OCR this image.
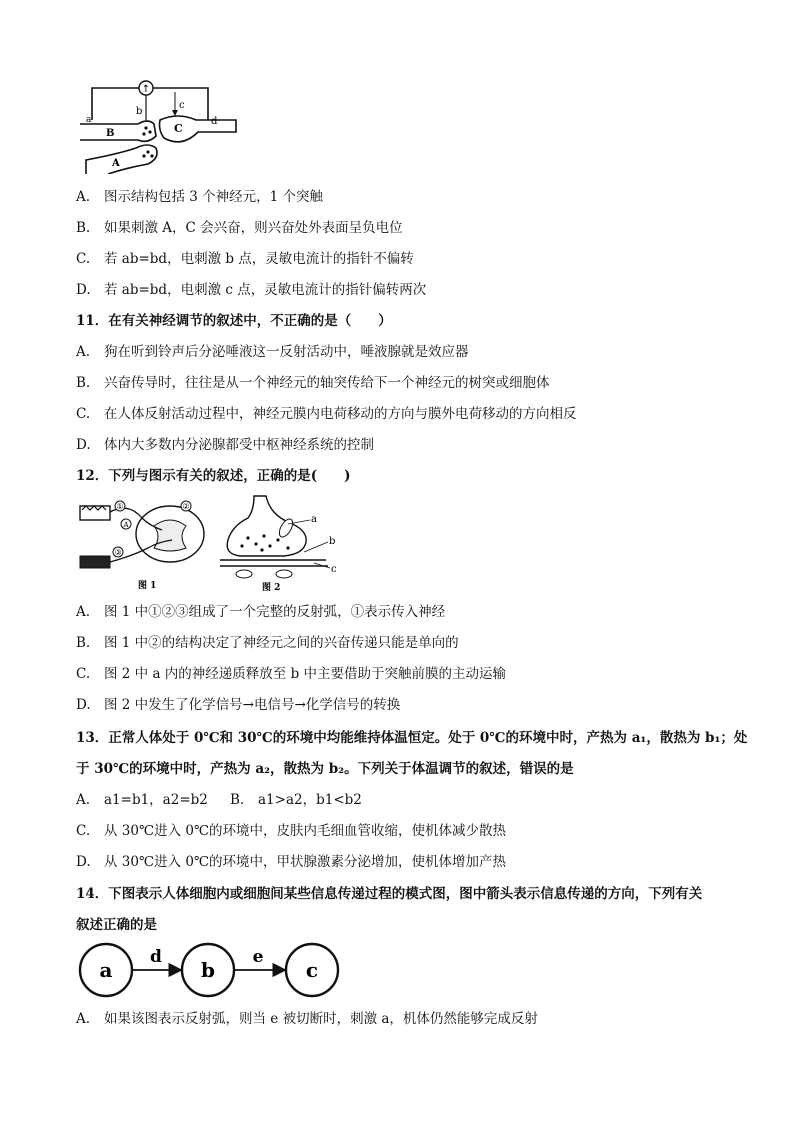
↑
a
b
c
d
B	C
A
A. 图示结构包括 3 个神经元，1 个突触
B. 如果刺激 A，C 会兴奋，则兴奋处外表面呈负电位
C. 若 ab=bd，电刺激 b 点，灵敏电流计的指针不偏转
D. 若 ab=bd，电刺激 c 点，灵敏电流计的指针偏转两次
11．在有关神经调节的叙述中，不正确的是（　　）
A. 狗在听到铃声后分泌唾液这一反射活动中，唾液腺就是效应器
B. 兴奋传导时，往往是从一个神经元的轴突传给下一个神经元的树突或细胞体
C. 在人体反射活动过程中，神经元膜内电荷移动的方向与膜外电荷移动的方向相反
D. 体内大多数内分泌腺都受中枢神经系统的控制
12．下列与图示有关的叙述，正确的是(　　)
①	②
③
A
图 1
a
b
c
图 2
A. 图 1 中①②③组成了一个完整的反射弧，①表示传入神经
B. 图 1 中②的结构决定了神经元之间的兴奋传递只能是单向的
C. 图 2 中 a 内的神经递质释放至 b 中主要借助于突触前膜的主动运输
D. 图 2 中发生了化学信号→电信号→化学信号的转换
13．正常人体处于 0℃和 30℃的环境中均能维持体温恒定。处于 0℃的环境中时，产热为 a₁，散热为 b₁；处
于 30℃的环境中时，产热为 a₂，散热为 b₂。下列关于体温调节的叙述，错误的是
A. a1=b1，a2=b2 B. a1>a2，b1<b2
C. 从 30℃进入 0℃的环境中，皮肤内毛细血管收缩，使机体减少散热
D. 从 30℃进入 0℃的环境中，甲状腺激素分泌增加，使机体增加产热
14．下图表示人体细胞内或细胞间某些信息传递过程的模式图，图中箭头表示信息传递的方向，下列有关
叙述正确的是
a	b	c
d	e
A. 如果该图表示反射弧，则当 e 被切断时，刺激 a，机体仍然能够完成反射
